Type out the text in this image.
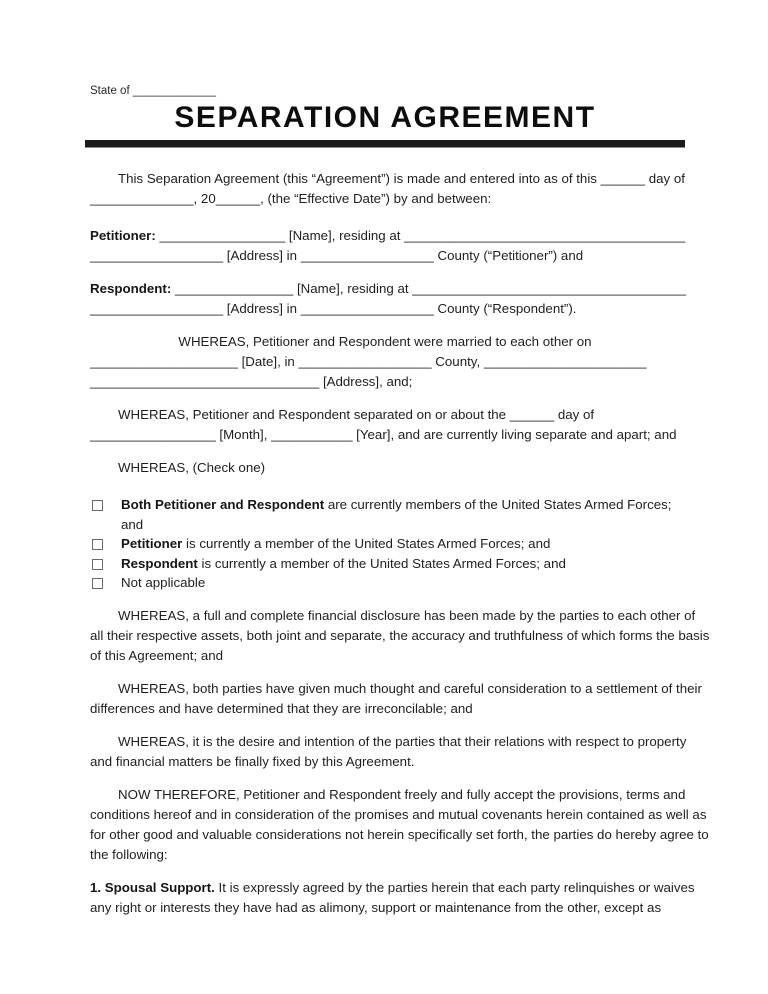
State of _____________
SEPARATION AGREEMENT
This Separation Agreement (this “Agreement”) is made and entered into as of this ______ day of
______________, 20______, (the “Effective Date”) by and between:
Petitioner: _________________ [Name], residing at ______________________________________
__________________ [Address] in __________________ County (“Petitioner”) and
Respondent: ________________ [Name], residing at _____________________________________
__________________ [Address] in __________________ County (“Respondent”).
WHEREAS, Petitioner and Respondent were married to each other on
____________________ [Date], in __________________ County, ______________________
_______________________________ [Address], and;
WHEREAS, Petitioner and Respondent separated on or about the ______ day of
_________________ [Month], ___________ [Year], and are currently living separate and apart; and
WHEREAS, (Check one)
Both Petitioner and Respondent are currently members of the United States Armed Forces; and
Petitioner is currently a member of the United States Armed Forces; and
Respondent is currently a member of the United States Armed Forces; and
Not applicable
WHEREAS, a full and complete financial disclosure has been made by the parties to each other of
all their respective assets, both joint and separate, the accuracy and truthfulness of which forms the basis
of this Agreement; and
WHEREAS, both parties have given much thought and careful consideration to a settlement of their
differences and have determined that they are irreconcilable; and
WHEREAS, it is the desire and intention of the parties that their relations with respect to property
and financial matters be finally fixed by this Agreement.
NOW THEREFORE, Petitioner and Respondent freely and fully accept the provisions, terms and
conditions hereof and in consideration of the promises and mutual covenants herein contained as well as
for other good and valuable considerations not herein specifically set forth, the parties do hereby agree to
the following:
1. Spousal Support. It is expressly agreed by the parties herein that each party relinquishes or waives
any right or interests they have had as alimony, support or maintenance from the other, except as
